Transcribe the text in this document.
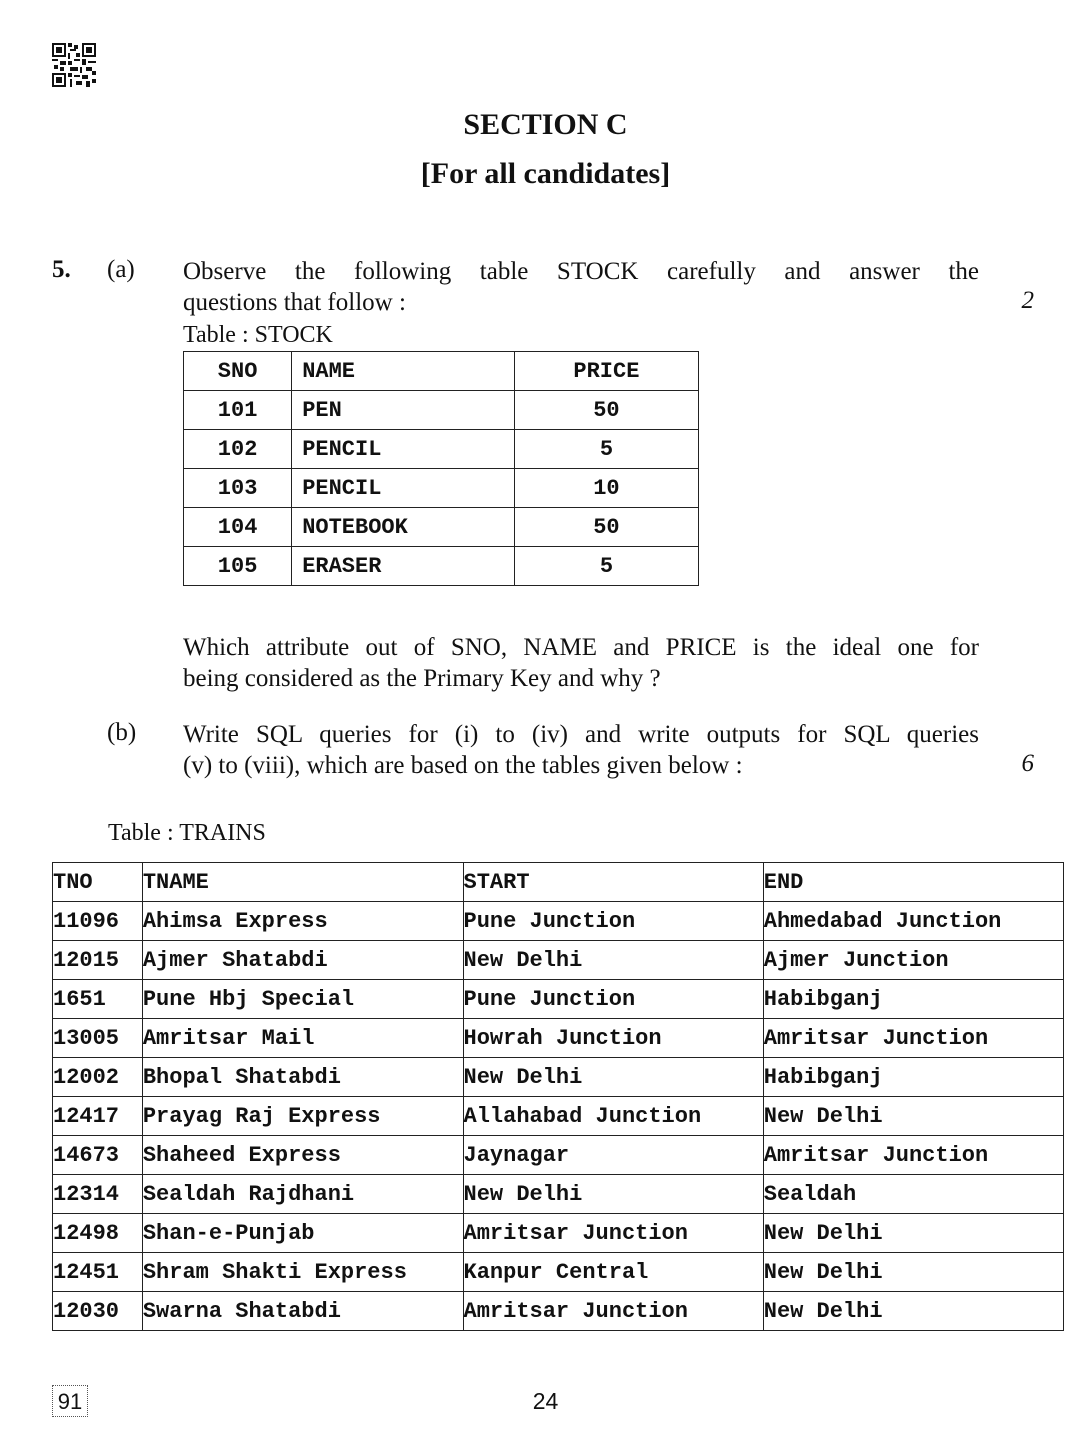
SECTION C
[For all candidates]
5. (a) Observe the following table STOCK carefully and answer the
questions that follow :	2
Table : STOCK
SNO	NAME	PRICE
101	PEN	50
102	PENCIL	5
103	PENCIL	10
104	NOTEBOOK	50
105	ERASER	5
Which attribute out of SNO, NAME and PRICE is the ideal one for
being considered as the Primary Key and why ?
(b) Write SQL queries for (i) to (iv) and write outputs for SQL queries
(v) to (viii), which are based on the tables given below :	6
Table : TRAINS
TNO	TNAME	START	END
11096	Ahimsa Express	Pune Junction	Ahmedabad Junction
12015	Ajmer Shatabdi	New Delhi	Ajmer Junction
1651	Pune Hbj Special	Pune Junction	Habibganj
13005	Amritsar Mail	Howrah Junction	Amritsar Junction
12002	Bhopal Shatabdi	New Delhi	Habibganj
12417	Prayag Raj Express	Allahabad Junction	New Delhi
14673	Shaheed Express	Jaynagar	Amritsar Junction
12314	Sealdah Rajdhani	New Delhi	Sealdah
12498	Shan-e-Punjab	Amritsar Junction	New Delhi
12451	Shram Shakti Express	Kanpur Central	New Delhi
12030	Swarna Shatabdi	Amritsar Junction	New Delhi
91	24
